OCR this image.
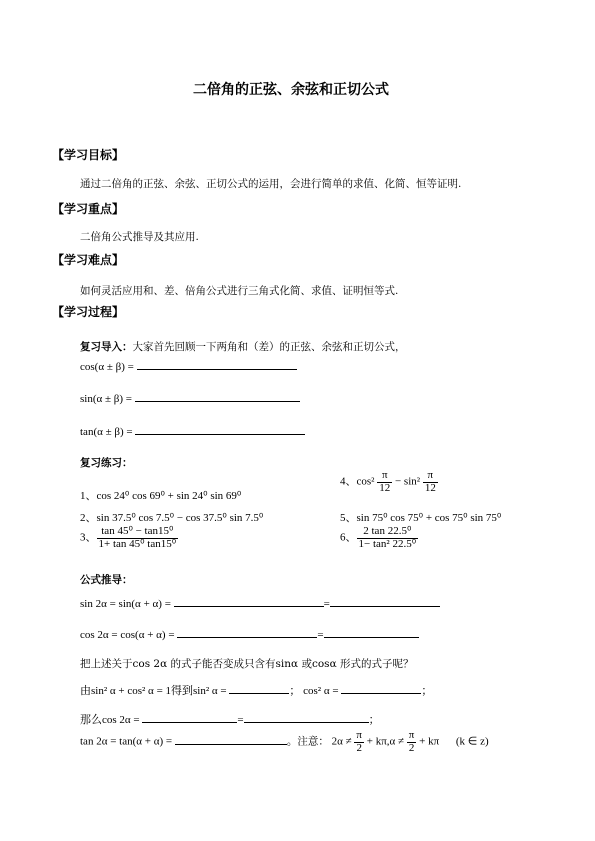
二倍角的正弦、余弦和正切公式
【学习目标】
通过二倍角的正弦、余弦、正切公式的运用，会进行简单的求值、化简、恒等证明.
【学习重点】
二倍角公式推导及其应用.
【学习难点】
如何灵活应用和、差、倍角公式进行三角式化简、求值、证明恒等式.
【学习过程】
复习导入：大家首先回顾一下两角和（差）的正弦、余弦和正切公式，
cos(α ± β) =
sin(α ± β) =
tan(α ± β) =
复习练习：
1、cos 24⁰ cos 69⁰ + sin 24⁰ sin 69⁰
2、sin 37.5⁰ cos 7.5⁰ − cos 37.5⁰ sin 7.5⁰
3、 $\frac{\text{tan 45⁰ − tan15⁰}}{\text{1+ tan 45⁰ tan15⁰}}$
4、$\cos^2 \frac{\pi}{12} - \sin^2 \frac{\pi}{12}$
5、sin 75⁰ cos 75⁰ + cos 75⁰ sin 75⁰
6、 $\frac{\text{2 tan 22.5⁰}}{\text{1− tan² 22.5⁰}}$
公式推导：
sin 2α = sin(α + α) =	=
cos 2α = cos(α + α) =	=
把上述关于cos 2α 的式子能否变成只含有sinα 或cosα 形式的式子呢？
由sin² α + cos² α = 1得到sin² α =	； cos² α =	；
那么cos 2α =	=	；
tan 2α = tan(α + α) =	。注意： $2\alpha \ne \frac{\pi}{2} + k\pi,\alpha \ne \frac{\pi}{2} + k\pi$ (k ∈ z)
